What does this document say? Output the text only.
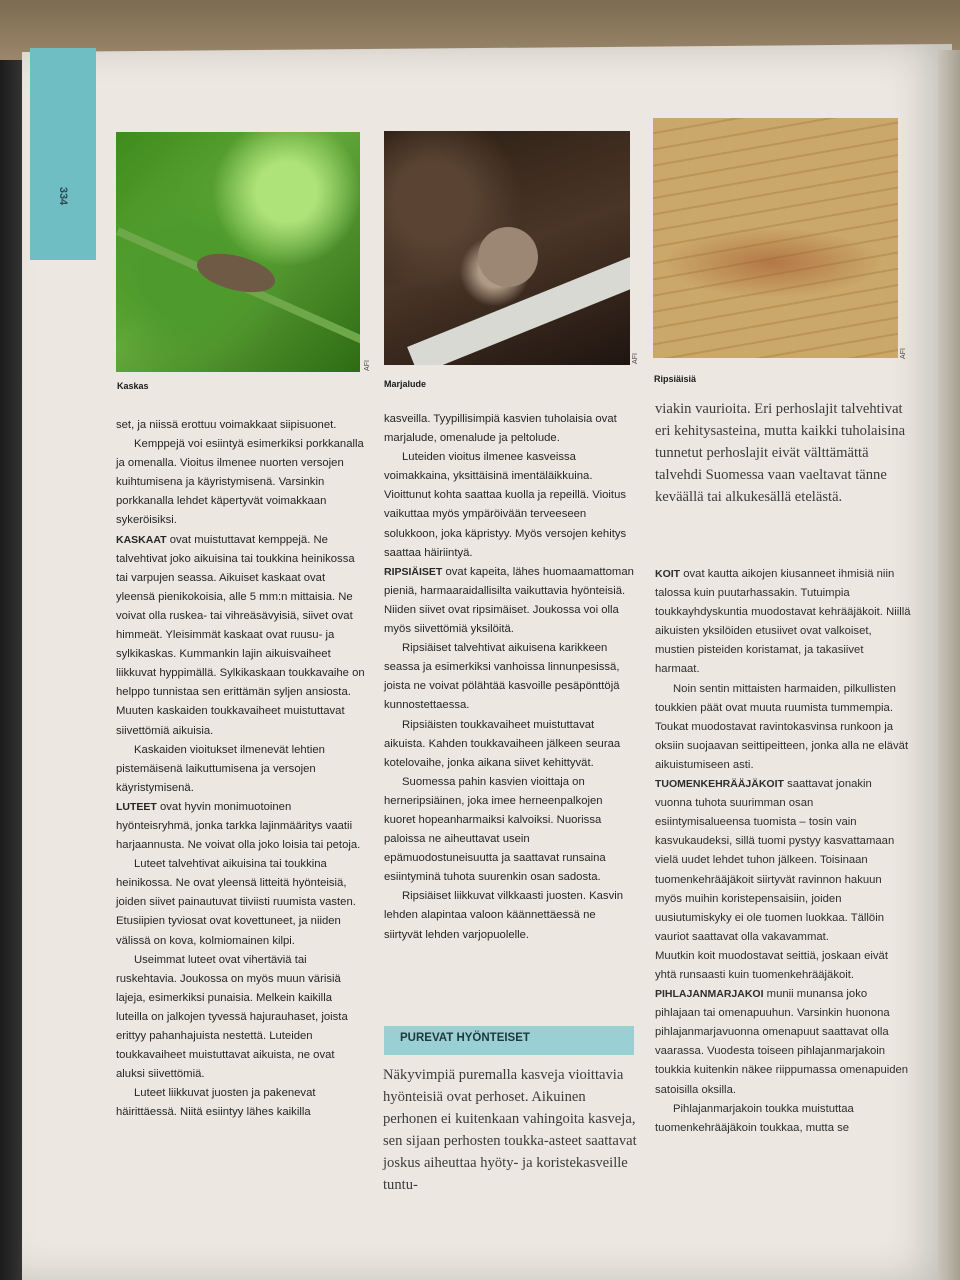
334
AFI
Kaskas
AFI
Marjalude
AFI
Ripsiäisiä

set, ja niissä erottuu voimakkaat siipisuonet.

Kemppejä voi esiintyä esimerkiksi porkkanalla ja omenalla. Vioitus ilmenee nuorten versojen kuihtumisena ja käyristymisenä. Varsinkin porkkanalla lehdet käpertyvät voimakkaan sykeröisiksi.

KASKAAT ovat muistuttavat kemppejä. Ne talvehtivat joko aikuisina tai toukkina heinikossa tai varpujen seassa. Aikuiset kaskaat ovat yleensä pienikokoisia, alle 5 mm:n mittaisia. Ne voivat olla ruskea- tai vihreäsävyisiä, siivet ovat himmeät. Yleisimmät kaskaat ovat ruusu- ja sylkikaskas. Kummankin lajin aikuisvaiheet liikkuvat hyppimällä. Sylkikaskaan toukkavaihe on helppo tunnistaa sen erittämän syljen ansiosta. Muuten kaskaiden toukkavaiheet muistuttavat siivettömiä aikuisia.

Kaskaiden vioitukset ilmenevät lehtien pistemäisenä laikuttumisena ja versojen käyristymisenä.

LUTEET ovat hyvin monimuotoinen hyönteisryhmä, jonka tarkka lajinmääritys vaatii harjaannusta. Ne voivat olla joko loisia tai petoja.

Luteet talvehtivat aikuisina tai toukkina heinikossa. Ne ovat yleensä litteitä hyönteisiä, joiden siivet painautuvat tiiviisti ruumista vasten. Etusiipien tyviosat ovat kovettuneet, ja niiden välissä on kova, kolmiomainen kilpi.

Useimmat luteet ovat vihertäviä tai ruskehtavia. Joukossa on myös muun värisiä lajeja, esimerkiksi punaisia. Melkein kaikilla luteilla on jalkojen tyvessä hajurauhaset, joista erittyy pahanhajuista nestettä. Luteiden toukkavaiheet muistuttavat aikuista, ne ovat aluksi siivettömiä.

Luteet liikkuvat juosten ja pakenevat häirittäessä. Niitä esiintyy lähes kaikilla

kasveilla. Tyypillisimpiä kasvien tuholaisia ovat marjalude, omenalude ja peltolude.

Luteiden vioitus ilmenee kasveissa voimakkaina, yksittäisinä imentäläikkuina. Vioittunut kohta saattaa kuolla ja repeillä. Vioitus vaikuttaa myös ympäröivään terveeseen solukkoon, joka käpristyy. Myös versojen kehitys saattaa häiriintyä.

RIPSIÄISET ovat kapeita, lähes huomaamattoman pieniä, harmaaraidallisilta vaikuttavia hyönteisiä. Niiden siivet ovat ripsimäiset. Joukossa voi olla myös siivettömiä yksilöitä.

Ripsiäiset talvehtivat aikuisena karikkeen seassa ja esimerkiksi vanhoissa linnunpesissä, joista ne voivat pölähtää kasvoille pesäpönttöjä kunnostettaessa.

Ripsiäisten toukkavaiheet muistuttavat aikuista. Kahden toukkavaiheen jälkeen seuraa kotelovaihe, jonka aikana siivet kehittyvät.

Suomessa pahin kasvien vioittaja on herneripsiäinen, joka imee herneenpalkojen kuoret hopeanharmaiksi kalvoiksi. Nuorissa paloissa ne aiheuttavat usein epämuodostuneisuutta ja saattavat runsaina esiintyminä tuhota suurenkin osan sadosta.

Ripsiäiset liikkuvat vilkkaasti juosten. Kasvin lehden alapintaa valoon käännettäessä ne siirtyvät lehden varjopuolelle.

PUREVAT HYÖNTEISET
Näkyvimpiä puremalla kasveja vioittavia hyönteisiä ovat perhoset. Aikuinen perhonen ei kuitenkaan vahingoita kasveja, sen sijaan perhosten toukka-asteet saattavat joskus aiheuttaa hyöty- ja koristekasveille tuntu-
viakin vaurioita. Eri perhoslajit talvehtivat eri kehitysasteina, mutta kaikki tuholaisina tunnetut perhoslajit eivät välttämättä talvehdi Suomessa vaan vaeltavat tänne keväällä tai alkukesällä etelästä.

KOIT ovat kautta aikojen kiusanneet ihmisiä niin talossa kuin puutarhassakin. Tutuimpia toukkayhdyskuntia muodostavat kehrääjäkoit. Niillä aikuisten yksilöiden etusiivet ovat valkoiset, mustien pisteiden koristamat, ja takasiivet harmaat.

Noin sentin mittaisten harmaiden, pilkullisten toukkien päät ovat muuta ruumista tummempia. Toukat muodostavat ravintokasvinsa runkoon ja oksiin suojaavan seittipeitteen, jonka alla ne elävät aikuistumiseen asti.

TUOMENKEHRÄÄJÄKOIT saattavat jonakin vuonna tuhota suurimman osan esiintymisalueensa tuomista – tosin vain kasvukaudeksi, sillä tuomi pystyy kasvattamaan vielä uudet lehdet tuhon jälkeen. Toisinaan tuomenkehrääjäkoit siirtyvät ravinnon hakuun myös muihin koristepensaisiin, joiden uusiutumiskyky ei ole tuomen luokkaa. Tällöin vauriot saattavat olla vakavammat.

Muutkin koit muodostavat seittiä, joskaan eivät yhtä runsaasti kuin tuomenkehrääjäkoit.

PIHLAJANMARJAKOI munii munansa joko pihlajaan tai omenapuuhun. Varsinkin huonona pihlajanmarjavuonna omenapuut saattavat olla vaarassa. Vuodesta toiseen pihlajanmarjakoin toukkia kuitenkin näkee riippumassa omenapuiden satoisilla oksilla.

Pihlajanmarjakoin toukka muistuttaa tuomenkehrääjäkoin toukkaa, mutta se
